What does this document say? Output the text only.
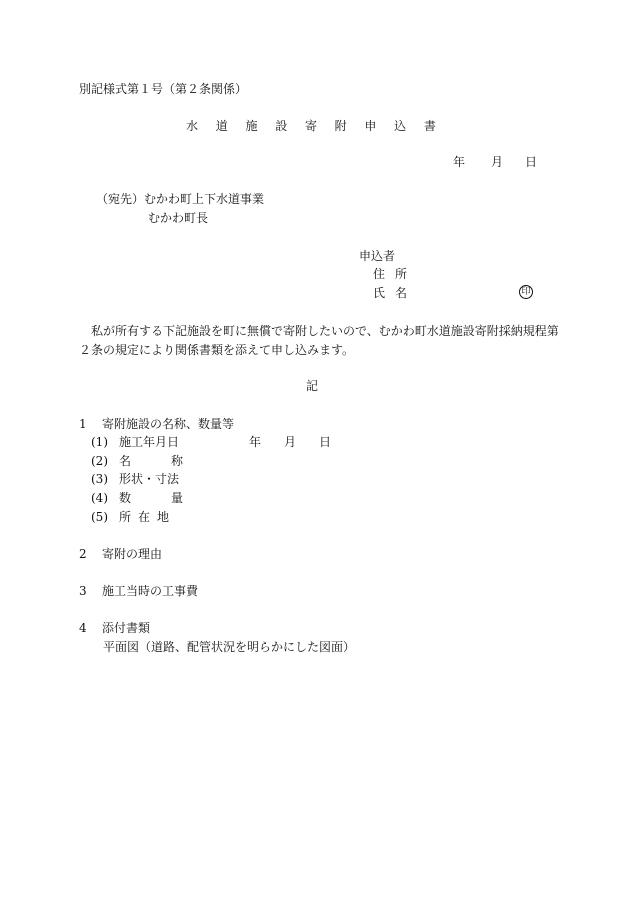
別記様式第１号（第２条関係）
水 道 施 設 寄 附 申 込 書
年	月	日
（宛先）むかわ町上下水道事業
むかわ町長
申込者
住 所
氏 名	印
私が所有する下記施設を町に無償で寄附したいので、むかわ町水道施設寄附採納規程第２条の規定により関係書類を添えて申し込みます。
記
1	寄附施設の名称、数量等
(1) 施工年月日	年	月	日
(2) 名	称
(3) 形状・寸法
(4) 数	量
(5) 所 在 地
2	寄附の理由
3	施工当時の工事費
4	添付書類
平面図（道路、配管状況を明らかにした図面）
